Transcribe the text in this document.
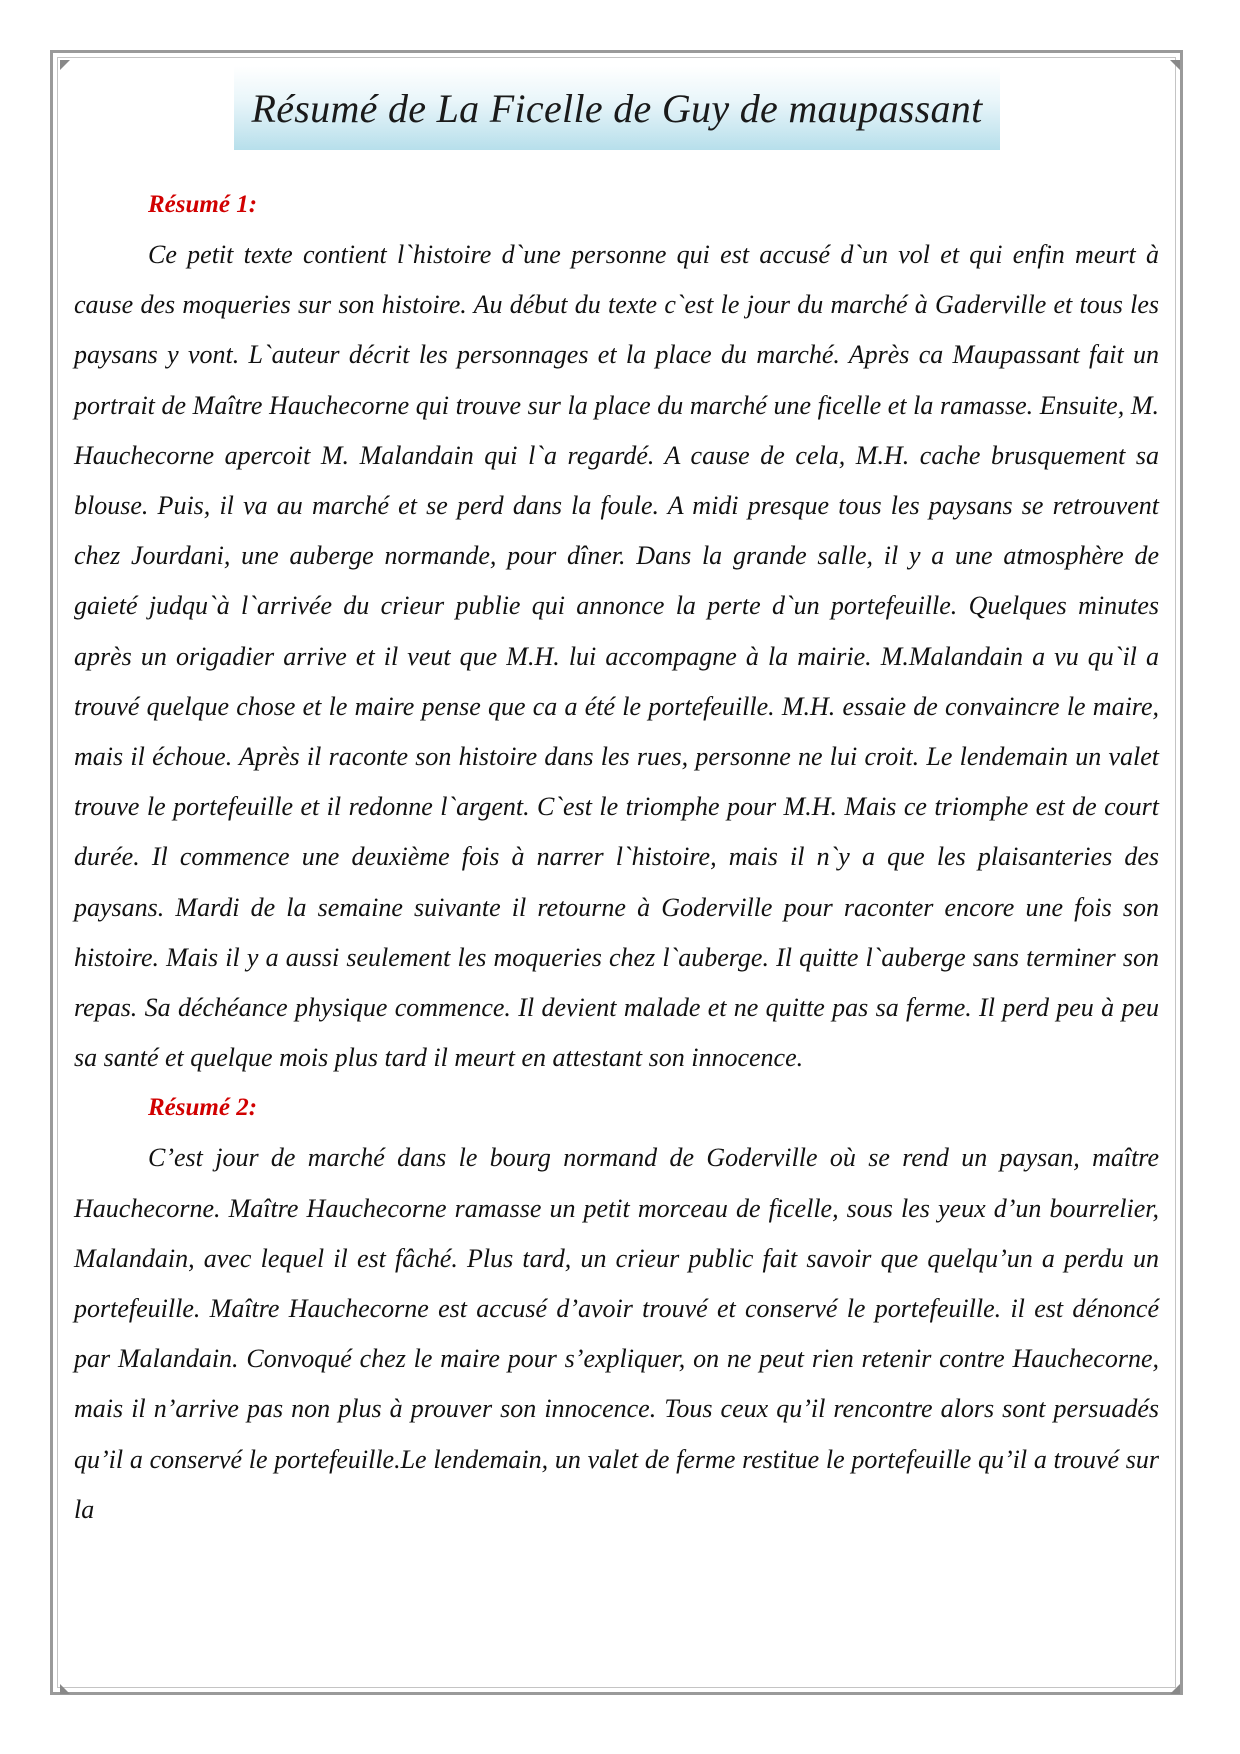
Résumé de La Ficelle de Guy de maupassant
Résumé 1:

Ce petit texte contient l`histoire d`une personne qui est accusé d`un vol et qui enfin meurt à cause des moqueries sur son histoire. Au début du texte c`est le jour du marché à Gaderville et tous les paysans y vont. L`auteur décrit les personnages et la place du marché. Après ca Maupassant fait un portrait de Maître Hauchecorne qui trouve sur la place du marché une ficelle et la ramasse. Ensuite, M. Hauchecorne apercoit M. Malandain qui l`a regardé. A cause de cela, M.H. cache brusquement sa blouse. Puis, il va au marché et se perd dans la foule. A midi presque tous les paysans se retrouvent chez Jourdani, une auberge normande, pour dîner. Dans la grande salle, il y a une atmosphère de gaieté judqu`à l`arrivée du crieur publie qui annonce la perte d`un portefeuille. Quelques minutes après un origadier arrive et il veut que M.H. lui accompagne à la mairie. M.Malandain a vu qu`il a trouvé quelque chose et le maire pense que ca a été le portefeuille. M.H. essaie de convaincre le maire, mais il échoue. Après il raconte son histoire dans les rues, personne ne lui croit. Le lendemain un valet trouve le portefeuille et il redonne l`argent. C`est le triomphe pour M.H. Mais ce triomphe est de court durée. Il commence une deuxième fois à narrer l`histoire, mais il n`y a que les plaisanteries des paysans. Mardi de la semaine suivante il retourne à Goderville pour raconter encore une fois son histoire. Mais il y a aussi seulement les moqueries chez l`auberge. Il quitte l`auberge sans terminer son repas. Sa déchéance physique commence. Il devient malade et ne quitte pas sa ferme. Il perd peu à peu sa santé et quelque mois plus tard il meurt en attestant son innocence.

Résumé 2:

C’est jour de marché dans le bourg normand de Goderville où se rend un paysan, maître Hauchecorne. Maître Hauchecorne ramasse un petit morceau de ficelle, sous les yeux d’un bourrelier, Malandain, avec lequel il est fâché. Plus tard, un crieur public fait savoir que quelqu’un a perdu un portefeuille. Maître Hauchecorne est accusé d’avoir trouvé et conservé le portefeuille. il est dénoncé par Malandain. Convoqué chez le maire pour s’expliquer, on ne peut rien retenir contre Hauchecorne, mais il n’arrive pas non plus à prouver son innocence. Tous ceux qu’il rencontre alors sont persuadés qu’il a conservé le portefeuille.Le lendemain, un valet de ferme restitue le portefeuille qu’il a trouvé sur la
